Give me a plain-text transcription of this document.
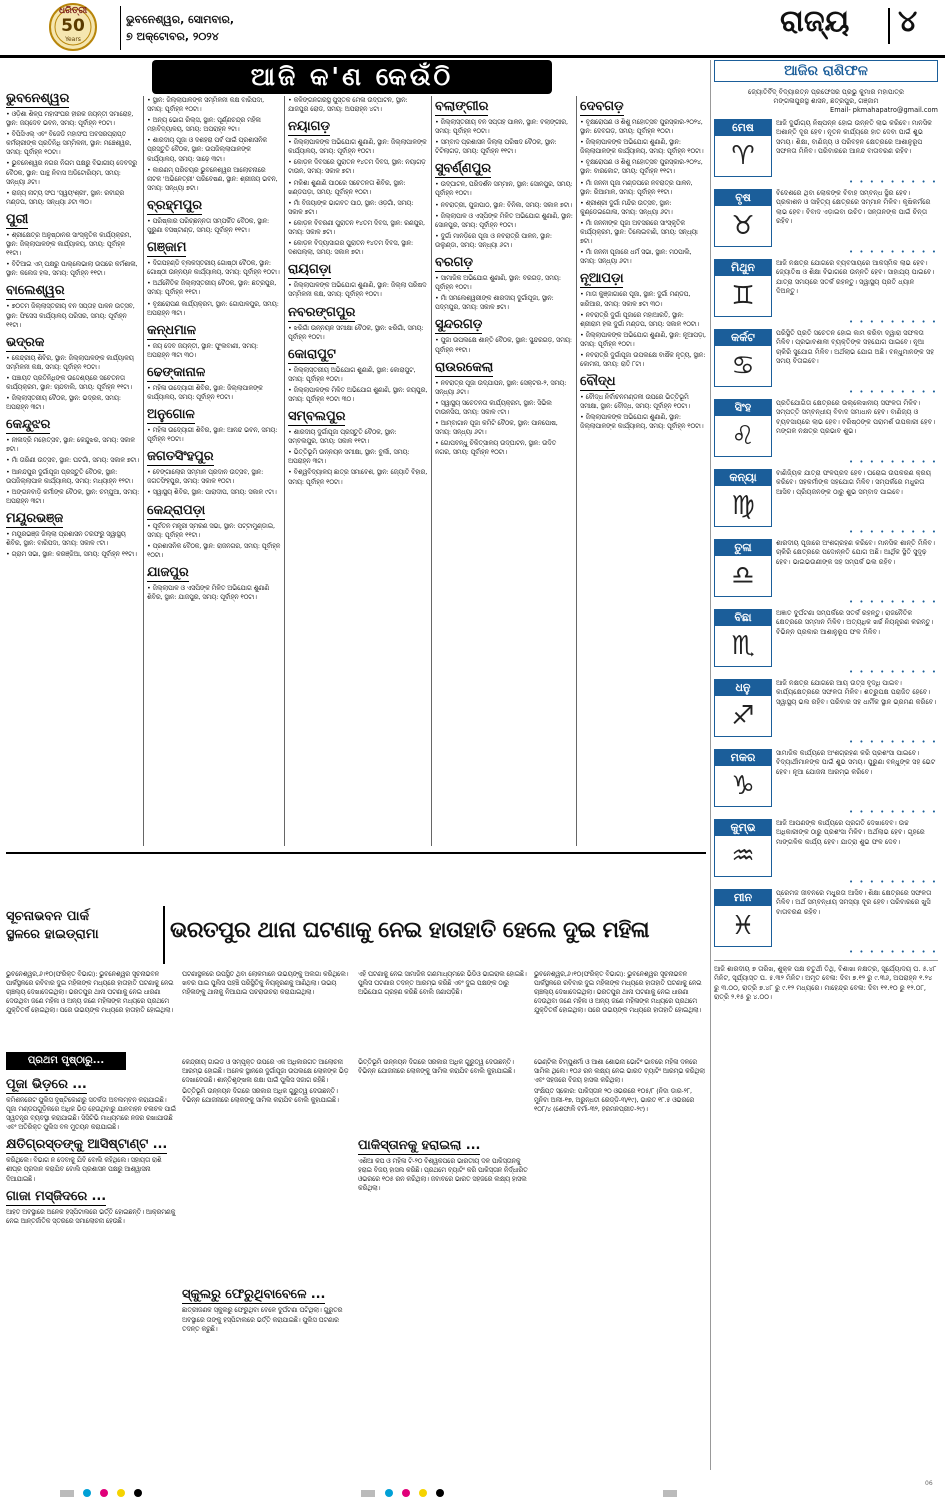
ଧରିତ୍ରୀ
50
Years
ଭୁବନେଶ୍ୱର, ସୋମବାର,
୭ ଅକ୍ଟୋବର, ୨୦୨୪	ରାଜ୍ୟ ୪
ଆଜି କ'ଣ କେଉଁଠି
ଭୁବନେଶ୍ୱର

• ଓଡ଼ିଶା ଶିଳ୍ପ ମହାସଂଘର ହୀରକ ଜୟନ୍ତୀ ସମାରୋହ, ସ୍ଥାନ: ଜୟଦେବ ଭବନ, ସମୟ: ପୂର୍ବାହ୍ନ ୧୦ଟା।

• ବିପିସିଏଲ୍ ଏବଂ ବିଜେଡି ମହାସଂଘ ଅବସରପ୍ରାପ୍ତ କର୍ମଚାରୀଙ୍କ ପ୍ରତିନିଧି ସମ୍ମିଳନୀ, ସ୍ଥାନ: ମଞ୍ଚେଶ୍ୱର, ସମୟ: ପୂର୍ବାହ୍ନ ୧୦ଟା।

• ଭୁବନେଶ୍ୱର ନଗର ନିଗମ ପକ୍ଷରୁ ବିଭାଗୀୟ ଦେବଦ୍ରୁ ବୈଠକ, ସ୍ଥାନ: ପାନ୍ଥ ନିବାସ ଅଡିଟୋରିୟମ, ସମୟ: ସନ୍ଧ୍ୟା ୬ଟା।

• ରାଜ୍ୟ ନାଟ୍ୟ ସଂଘ 'ସ୍ୱୟଂଶ୍ରୀ', ସ୍ଥାନ: ରବୀନ୍ଦ୍ର ମଣ୍ଡପ, ସମୟ: ସନ୍ଧ୍ୟା ୬ଟା ୩୦।

ପୁରୀ

• ଶ୍ରୀକ୍ଷେତ୍ର ଅନୁଷ୍ଠାନର ସାଂସ୍କୃତିକ କାର୍ଯ୍ୟକ୍ରମ, ସ୍ଥାନ: ଜିଲ୍ଲାପାଳଙ୍କ କାର୍ଯ୍ୟାଳୟ, ସମୟ: ପୂର୍ବାହ୍ନ ୧୧ଟା।

• ବିଟିଆଇ ଏମ୍ ପକ୍ଷରୁ ପାଲ୍ଲେଭାଲା ଉପରେ କର୍ମଶାଳା, ସ୍ଥାନ: କଲେଜ ହଲ, ସମୟ: ପୂର୍ବାହ୍ନ ୧୧ଟା।

ବାଲେଶ୍ୱର

• ୭୦ତମ ଜିଲ୍ଲାସ୍ତରୀୟ ବନ ସପ୍ତାହ ପାଳନ ଉତ୍ସବ, ସ୍ଥାନ: ଫିସେସ କାର୍ଯ୍ୟାଳୟ ପରିସର, ସମୟ: ପୂର୍ବାହ୍ନ ୧୧ଟା।

ଭଦ୍ରକ

• କେନ୍ଦ୍ରୀୟ ଶିବିର, ସ୍ଥାନ: ଜିଲ୍ଲାପାଳଙ୍କ କାର୍ଯ୍ୟାଳୟ ସମ୍ମିଳନୀ କକ୍ଷ, ସମୟ: ପୂର୍ବାହ୍ନ ୧୦ଟା।

• ପଞ୍ଚାୟତ ପ୍ରତିନିଧିଙ୍କ ଉଦ୍ଦେଶ୍ୟରେ ସଚେତନତା କାର୍ଯ୍ୟକ୍ରମ, ସ୍ଥାନ: ଚାନ୍ଦବାଲି, ସମୟ: ପୂର୍ବାହ୍ନ ୧୧ଟା।

• ଜିଲ୍ଲାସ୍ତରୀୟ ବୈଠକ, ସ୍ଥାନ: ଭଦ୍ରକ, ସମୟ: ଅପରାହ୍ନ ୩ଟା।

କେନ୍ଦୁଝର

• ନୀଳାଦ୍ରି ମହୋତ୍ସବ, ସ୍ଥାନ: କେନ୍ଦୁଝର, ସମୟ: ସକାଳ ୭ଟା।

• ମାଁ ତାରିଣୀ ଉତ୍ସବ, ସ୍ଥାନ: ଘଟଗାଁ, ସମୟ: ସକାଳ ୭ଟା।

• ଆନନ୍ଦପୁର ଦୁର୍ଗାପୂଜା ପ୍ରସ୍ତୁତି ବୈଠକ, ସ୍ଥାନ: ଉପଜିଲ୍ଲାପାଳ କାର୍ଯ୍ୟାଳୟ, ସମୟ: ମଧ୍ୟାହ୍ନ ୧୨ଟା।

• ଅଙ୍ଗନବାଡ଼ି କର୍ମୀଙ୍କ ବୈଠକ, ସ୍ଥାନ: ଚମ୍ପୁଆ, ସମୟ: ଅପରାହ୍ନ ୩ଟା।

ମୟୂରଭଞ୍ଜ

• ମୟୂରଭଞ୍ଜ ଜିଲ୍ଲା ପ୍ରଶାସନ ତରଫରୁ ସ୍ୱାସ୍ଥ୍ୟ ଶିବିର, ସ୍ଥାନ: ବାରିପଦା, ସମୟ: ସକାଳ ୯ଟା।

• ଗ୍ରାମ ସଭା, ସ୍ଥାନ: କରଞ୍ଜିଆ, ସମୟ: ପୂର୍ବାହ୍ନ ୧୧ଟା।

• ସ୍ଥାନ: ଜିଲ୍ଲାପାଳଙ୍କ ସମ୍ମିଳନୀ କକ୍ଷ ବାରିପଦା, ସମୟ: ପୂର୍ବାହ୍ନ ୧୦ଟା।

• ଅନ୍ୟ ଭୋଗ ରିଲ୍ସ, ସ୍ଥାନ: ପୂର୍ଣ୍ଣଚନ୍ଦ୍ର ମହିଳା ମହାବିଦ୍ୟାଳୟ, ସମୟ: ଅପରାହ୍ନ ୨ଟା।

• ଶାରଦୀୟ ପୂଜା ଓ ଦଶହରା ପର୍ବ ପାଇଁ ପ୍ରଶାସନିକ ପ୍ରସ୍ତୁତି ବୈଠକ, ସ୍ଥାନ: ଉପଜିଲ୍ଲାପାଳଙ୍କ କାର୍ଯ୍ୟାଳୟ, ସମୟ: ସାଢ଼େ ୩ଟା।

• କାରଣମ୍ ପରିଚୟର ଭୁବନେଶ୍ୱର ଆଲୋଚନାରେ ନାଟକ 'ଅଭିନେତ୍ରୀ' ପରିବେଷଣ, ସ୍ଥାନ: ଶ୍ରୀଜୟ ଭବନ, ସମୟ: ସନ୍ଧ୍ୟା ୭ଟା।

ବ୍ରହ୍ମପୁର

• ପରିଷ୍କାର ପରିଚ୍ଛନ୍ନତା ସମ୍ପର୍କିତ ବୈଠକ, ସ୍ଥାନ: ପୁରୁଣା ବସଷ୍ଟାଣ୍ଡ, ସମୟ: ପୂର୍ବାହ୍ନ ୧୧ଟା।

ଗଞ୍ଜାମ

• ଦିଗପହଣ୍ଡି ବ୍ଲକସ୍ତରୀୟ ଗୋଷ୍ଠୀ ବୈଠକ, ସ୍ଥାନ: ଗୋଷ୍ଠୀ ଉନ୍ନୟନ କାର୍ଯ୍ୟାଳୟ, ସମୟ: ପୂର୍ବାହ୍ନ ୧୦ଟା।

• ଅର୍ଥନୈତିକ ଜିଲ୍ଲାସ୍ତରୀୟ ବୈଠକ, ସ୍ଥାନ: ଛତ୍ରପୁର, ସମୟ: ପୂର୍ବାହ୍ନ ୧୧ଟା।

• ବୃକ୍ଷରୋପଣ କାର୍ଯ୍ୟକ୍ରମ, ସ୍ଥାନ: ଗୋପାଳପୁର, ସମୟ: ଅପରାହ୍ନ ୩ଟା।

କନ୍ଧମାଳ

• ଜୟ ଦେବ ଜୟନ୍ତୀ, ସ୍ଥାନ: ଫୁଲବାଣୀ, ସମୟ: ଅପରାହ୍ନ ୩ଟା ୩୦।

ଢେଙ୍କାନାଳ

• ମହିଳା ଉଦ୍ୟୋଗୀ ଶିବିର, ସ୍ଥାନ: ଜିଲ୍ଲାପାଳଙ୍କ କାର୍ଯ୍ୟାଳୟ, ସମୟ: ପୂର୍ବାହ୍ନ ୧୦ଟା।

ଅନୁଗୋଳ

• ମହିଳା ଉଦ୍ୟୋଗୀ ଶିବିର, ସ୍ଥାନ: ଆନନ୍ଦ ଭବନ, ସମୟ: ପୂର୍ବାହ୍ନ ୧୦ଟା।

ଜଗତସିଂହପୁର

• ବେଙ୍ଗାଲୋର ସମ୍ମାନ ପ୍ରଦାନ ଉତ୍ସବ, ସ୍ଥାନ: ଜଗତସିଂହପୁର, ସମୟ: ସକାଳ ୧୦ଟା।

• ସ୍ୱାସ୍ଥ୍ୟ ଶିବିର, ସ୍ଥାନ: ପାରାଦୀପ, ସମୟ: ସକାଳ ୯ଟା।

କେନ୍ଦ୍ରାପଡ଼ା

• ପୂର୍ବତନ ମନ୍ତ୍ରୀ ସ୍ମରଣ ସଭା, ସ୍ଥାନ: ପଟ୍ଟାମୁଣ୍ଡାଇ, ସମୟ: ପୂର୍ବାହ୍ନ ୧୧ଟା।

• ପ୍ରଶାସନିକ ବୈଠକ, ସ୍ଥାନ: ରାଜନଗର, ସମୟ: ପୂର୍ବାହ୍ନ ୧୦ଟା।

ଯାଜପୁର

• ଜିଲ୍ଲାପାଳ ଓ ଏସପିଙ୍କ ମିଳିତ ଅଭିଯୋଗ ଶୁଣାଣି ଶିବିର, ସ୍ଥାନ: ଯାଜପୁର, ସମୟ: ପୂର୍ବାହ୍ନ ୧୦ଟା।

• କଳିଙ୍ଗନଗରସ୍ଥ ପୁସ୍ତକ ମେଳା ଉଦ୍‌ଘାଟନ, ସ୍ଥାନ: ଯାଜପୁର ରୋଡ, ସମୟ: ଅପରାହ୍ନ ୪ଟା।

ନୟାଗଡ଼

• ଜିଲ୍ଲାପାଳଙ୍କ ଅଭିଯୋଗ ଶୁଣାଣି, ସ୍ଥାନ: ଜିଲ୍ଲାପାଳଙ୍କ କାର୍ଯ୍ୟାଳୟ, ସମୟ: ପୂର୍ବାହ୍ନ ୧୦ଟା।

• କୋଡ଼ଳ ଦିବସରେ ପୁରାତନ ୧୪ତମ ଦିବସ, ସ୍ଥାନ: ନୟାଗଡ଼ ଟାଉନ, ସମୟ: ସକାଳ ୭ଟା।

• ମକିଶା ଶୁଣାଣି ପାଠରେ ସଚେତନତା ଶିବିର, ସ୍ଥାନ: ଖଣ୍ଡପଡ଼ା, ସମୟ: ପୂର୍ବାହ୍ନ ୧୦ଟା।

• ମାଁ ବିଜୟାଙ୍କ ଭାଗବତ ପାଠ, ସ୍ଥାନ: ଓଡ଼ଗାଁ, ସମୟ: ସକାଳ ୭ଟା।

• କୋଡ଼ଳ ବିବରଣୀ ପୁରାତନ ୧୪ତମ ଦିବସ, ସ୍ଥାନ: ରଣପୁର, ସମୟ: ସକାଳ ୭ଟା।

• କୋଡ଼ଳ ବିଦ୍ୟାସାଗର ପୁରାତନ ୧୪ତମ ଦିବସ, ସ୍ଥାନ: ଦଶପଲ୍ଲା, ସମୟ: ସକାଳ ୭ଟା।

ରାୟଗଡ଼ା

• ଜିଲ୍ଲାପାଳଙ୍କ ଅଭିଯୋଗ ଶୁଣାଣି, ସ୍ଥାନ: ଜିଲ୍ଲା ପରିଷଦ ସମ୍ମିଳନୀ କକ୍ଷ, ସମୟ: ପୂର୍ବାହ୍ନ ୧୦ଟା।

ନବରଙ୍ଗପୁର

• ଝରିଗାଁ ଉନ୍ନୟନ ସମୀକ୍ଷା ବୈଠକ, ସ୍ଥାନ: ଝରିଗାଁ, ସମୟ: ପୂର୍ବାହ୍ନ ୧୦ଟା।

କୋରାପୁଟ

• ଜିଲ୍ଲାସ୍ତରୀୟ ଅଭିଯୋଗ ଶୁଣାଣି, ସ୍ଥାନ: କୋରାପୁଟ, ସମୟ: ପୂର୍ବାହ୍ନ ୧୦ଟା।

• ଜିଲ୍ଲାପାଳଙ୍କ ମିଳିତ ଅଭିଯୋଗ ଶୁଣାଣି, ସ୍ଥାନ: ଜୟପୁର, ସମୟ: ପୂର୍ବାହ୍ନ ୧୦ଟା ୩୦।

ସମ୍ବଲପୁର

• ଶାରଦୀୟ ଦୁର୍ଗାପୂଜା ପ୍ରସ୍ତୁତି ବୈଠକ, ସ୍ଥାନ: ସମ୍ବଲପୁର, ସମୟ: ସକାଳ ୧୧ଟା।

• ଭିତ୍ତିଭୂମି ଉନ୍ନୟନ ସମୀକ୍ଷା, ସ୍ଥାନ: ବୁର୍ଲା, ସମୟ: ଅପରାହ୍ନ ୩ଟା।

• ବିଶ୍ୱବିଦ୍ୟାଳୟ ଛାତ୍ର ସମାବେଶ, ସ୍ଥାନ: ଜ୍ୟୋତି ବିହାର, ସମୟ: ପୂର୍ବାହ୍ନ ୧୦ଟା।

ବଲାଙ୍ଗୀର

• ଜିଲ୍ଲାସ୍ତରୀୟ ବନ ସପ୍ତାହ ପାଳନ, ସ୍ଥାନ: ବଲାଙ୍ଗୀର, ସମୟ: ପୂର୍ବାହ୍ନ ୧୦ଟା।

• ସମ୍ବାଦ ପ୍ରଶାସନ ଜିଲ୍ଲା ପରିଷଦ ବୈଠକ, ସ୍ଥାନ: ଟିଟିଲାଗଡ଼, ସମୟ: ପୂର୍ବାହ୍ନ ୧୧ଟା।

ସୁବର୍ଣ୍ଣପୁର

• ଉଦ୍‌ଘାଟନ, ପରିଦର୍ଶନ ସମ୍ମାନ, ସ୍ଥାନ: ସୋନପୁର, ସମୟ: ପୂର୍ବାହ୍ନ ୧୦ଟା।

• ନବରାତ୍ରୀ, ପୁଜାପାଠ, ସ୍ଥାନ: ବିନିକା, ସମୟ: ସକାଳ ୭ଟା।

• ଜିଲ୍ଲାପାଳ ଓ ଏସ୍‌ପିଙ୍କ ମିଳିତ ଅଭିଯୋଗ ଶୁଣାଣି, ସ୍ଥାନ: ସୋନପୁର, ସମୟ: ପୂର୍ବାହ୍ନ ୧୦ଟା।

• ଦୁର୍ଗା ମାନଡ଼ିରେ ପୂଜା ଓ ନବରାତ୍ରି ପାଳନ, ସ୍ଥାନ: ଉଲୁଣ୍ଡା, ସମୟ: ସନ୍ଧ୍ୟା ୬ଟା।

ବରଗଡ଼

• ସାମାଜିକ ଅଭିଯୋଗ ଶୁଣାଣି, ସ୍ଥାନ: ବରଗଡ଼, ସମୟ: ପୂର୍ବାହ୍ନ ୧୦ଟା।

• ମାଁ ସମଲେଶ୍ୱରୀଙ୍କ ଶାରଦୀୟ ଦୁର୍ଗାପୂଜା, ସ୍ଥାନ: ପଦ୍ମପୁର, ସମୟ: ସକାଳ ୭ଟା।

ସୁନ୍ଦରଗଡ଼

• ପୁଜା ଉପଲକ୍ଷେ ଶାନ୍ତି ବୈଠକ, ସ୍ଥାନ: ସୁନ୍ଦରଗଡ଼, ସମୟ: ପୂର୍ବାହ୍ନ ୧୧ଟା।

ରାଉରକେଲା

• ନବରାତ୍ର ପୂଜା ଉଦ୍‌ଯାପନ, ସ୍ଥାନ: ସେକ୍ଟର-୨, ସମୟ: ସନ୍ଧ୍ୟା ୬ଟା।

• ସ୍ୱାସ୍ଥ୍ୟ ସଚେତନତା କାର୍ଯ୍ୟକ୍ରମ, ସ୍ଥାନ: ସିଭିଲ ଟାଉନସିପ, ସମୟ: ସକାଳ ୯ଟା।

• ଆମ୍ବାଗାନ ପୂଜା କମିଟି ବୈଠକ, ସ୍ଥାନ: ପାନପୋଷ, ସମୟ: ସନ୍ଧ୍ୟା ୬ଟା।

• ଗୋପବନ୍ଧୁ ଚିକିତ୍ସାଳୟ ଉଦ୍‌ଘାଟନ, ସ୍ଥାନ: ଉଦିତ ନଗର, ସମୟ: ପୂର୍ବାହ୍ନ ୧୦ଟା।

ଦେବଗଡ଼

• ବୃକ୍ଷରୋପଣ ଓ ଶିଶୁ ମହୋତ୍ସବ ପୁରସ୍କାର-୨୦୨୪, ସ୍ଥାନ: ଦେବଗଡ଼, ସମୟ: ପୂର୍ବାହ୍ନ ୧୦ଟା।

• ଜିଲ୍ଲାପାଳଙ୍କ ଅଭିଯୋଗ ଶୁଣାଣି, ସ୍ଥାନ: ଜିଲ୍ଲାପାଳଙ୍କ କାର୍ଯ୍ୟାଳୟ, ସମୟ: ପୂର୍ବାହ୍ନ ୧୦ଟା।

• ବୃକ୍ଷରୋପଣ ଓ ଶିଶୁ ମହୋତ୍ସବ ପୁରସ୍କାର-୨୦୨୪, ସ୍ଥାନ: ବାରକୋଟ, ସମୟ: ପୂର୍ବାହ୍ନ ୧୧ଟା।

• ମାଁ ଜନନୀ ପୂଜା ମଣ୍ଡପରେ ନବରାତ୍ର ପାଳନ, ସ୍ଥାନ: ରିଆମାଳ, ସମୟ: ପୂର୍ବାହ୍ନ ୧୧ଟା।

• ଶ୍ରୀଶ୍ରୀ ଦୁର୍ଗା ମନ୍ଦିର ଉତ୍ସବ, ସ୍ଥାନ: କୁଣ୍ଡେଇଗୋଳା, ସମୟ: ସନ୍ଧ୍ୟା ୬ଟା।

• ମାଁ ଜନନୀଙ୍କ ପୂଜା ଅବସରରେ ସାଂସ୍କୃତିକ କାର୍ଯ୍ୟକ୍ରମ, ସ୍ଥାନ: ତିଲେଇବାଣି, ସମୟ: ସନ୍ଧ୍ୟା ୭ଟା।

• ମାଁ ଜନନୀ ପୂଜାରେ ଧର୍ମ ସଭା, ସ୍ଥାନ: ମଠପାଲି, ସମୟ: ସନ୍ଧ୍ୟା ୬ଟା।

ନୂଆପଡ଼ା

• ମାତା କୁଞ୍ଜାଗାରେ ପୂଜା, ସ୍ଥାନ: ଦୁର୍ଗା ମଣ୍ଡପ, ଖରିଆର, ସମୟ: ସକାଳ ୭ଟା ୩୦।

• ନବରାତ୍ରି ଦୁର୍ଗା ପୂଜାରେ ମହାଆରତି, ସ୍ଥାନ: ଶ୍ରୀରାମ ହଲ ଦୁର୍ଗା ମଣ୍ଡପ, ସମୟ: ସକାଳ ୧୦ଟା।

• ଜିଲ୍ଲାପାଳଙ୍କ ଅଭିଯୋଗ ଶୁଣାଣି, ସ୍ଥାନ: ନୂଆପଡ଼ା, ସମୟ: ପୂର୍ବାହ୍ନ ୧୦ଟା।

• ନବରାତ୍ରି ଦୁର୍ଗାପୂଜା ଉପଲକ୍ଷେ ବାର୍ଷିକ ନୃତ୍ୟ, ସ୍ଥାନ: କୋମନା, ସମୟ: ରାତି ୮ଟା।

ବୌଦ୍ଧ

• ବୌଦ୍ଧ ନିର୍ବାଚନମଣ୍ଡଳୀ ଉପରେ ଭିତ୍ତିଭୂମି ସମୀକ୍ଷା, ସ୍ଥାନ: ବୌଦ୍ଧ, ସମୟ: ପୂର୍ବାହ୍ନ ୧୦ଟା।

• ଜିଲ୍ଲାପାଳଙ୍କ ଅଭିଯୋଗ ଶୁଣାଣି, ସ୍ଥାନ: ଜିଲ୍ଲାପାଳଙ୍କ କାର୍ଯ୍ୟାଳୟ, ସମୟ: ପୂର୍ବାହ୍ନ ୧୦ଟା।

ଆଜିର ରାଶିଫଳ
ଜ୍ୟୋତିର୍ବିଦ୍ ବିଦ୍ୟାରତ୍ନ ପ୍ରଫେସର ପ୍ରଭୁ କୁମାର ମହାପାତ୍ର
ମଙ୍ଗଳାପୁରସ୍ଥ ଶାସନ, ଛତ୍ରପୁର, ଗଞ୍ଜାମ
Email- pkmahapatro@gmail.com
ମେଷ
♈
ଆଜି ଦୁର୍ଭାଗ୍ୟ ନିଷ୍ପନ୍ନ ହୋଇ ଉନ୍ନତି ଲାଭ କରିବେ। ମାନସିକ ଅଶାନ୍ତି ଦୂର ହେବ। ନୂତନ କାର୍ଯ୍ୟରେ ହାତ ଦେବା ପାଇଁ ଶୁଭ ସମୟ। ଶିକ୍ଷା, ବାଣିଜ୍ୟ ଓ ପରିବହନ କ୍ଷେତ୍ରରେ ଆଶାନୁରୂପ ସଫଳତା ମିଳିବ। ପରିବାରରେ ଆନନ୍ଦ ବାତାବରଣ ରହିବ।
• • • • • • • • •
ବୃଷ
♉
ବିଦେଶରେ ଥିବା ଲୋକଙ୍କ ବିବାହ ସମ୍ବନ୍ଧ ସ୍ଥିର ହେବ। ପ୍ରକାଶନ ଓ ସାହିତ୍ୟ କ୍ଷେତ୍ରରେ ସମ୍ମାନ ମିଳିବ। କୃଷିକର୍ମରେ ଲାଭ ହେବ। ବିବାଦ ଏଡ଼ାଇବା ଉଚିତ। ସନ୍ତାନଙ୍କ ପାଇଁ ଚିନ୍ତା ରହିବ।
• • • • • • • • •
ମିଥୁନ
♊
ଆଜି ନକ୍ଷତ୍ର ଯୋଗରେ ବ୍ୟବସାୟରେ ଆକସ୍ମିକ ଲାଭ ହେବ। ଜ୍ୟୋତିଷ ଓ ଶିକ୍ଷା ବିଭାଗରେ ଉନ୍ନତି ହେବ। ସାହାଯ୍ୟ ପାଇବେ। ଯାତ୍ରା ସମୟରେ ସତର୍କ ରହନ୍ତୁ। ସ୍ୱାସ୍ଥ୍ୟ ପ୍ରତି ଧ୍ୟାନ ଦିଅନ୍ତୁ।
• • • • • • • • •
କର୍କଟ
♋
ପରିସ୍ଥିତି ପ୍ରତି ସଚେତନ ହୋଇ କାମ କରିବା ଦ୍ୱାରା ସଫଳତା ମିଳିବ। ପ୍ରଭାବଶାଳୀ ବ୍ୟକ୍ତିଙ୍କ ସହଯୋଗ ପାଇବେ। ନୂଆ ଚାକିରି ସୁଯୋଗ ମିଳିବ। ଅର୍ଥଲାଭ ଯୋଗ ଅଛି। ବନ୍ଧୁମାନଙ୍କ ସହ ସମୟ ବିତାଇବେ।
• • • • • • • • •
ସିଂହ
♌
ପ୍ରତିଯୋଗିତା କ୍ଷେତ୍ରରେ ଉଲ୍ଲେଖନୀୟ ସଫଳତା ମିଳିବ। ସମ୍ପତ୍ତି ସମ୍ବନ୍ଧୀୟ ବିବାଦ ସମାଧାନ ହେବ। ବାଣିଜ୍ୟ ଓ ବ୍ୟବସାୟରେ ଲାଭ ହେବ। ବରିଷ୍ଠଙ୍କ ପରାମର୍ଶ ଉପକାରୀ ହେବ। ମଙ୍ଗଳ ନକ୍ଷତ୍ର ପ୍ରଭାବ ଶୁଭ।
• • • • • • • • •
କନ୍ୟା
♍
ବାଣିଜ୍ୟିକ ଯାତ୍ରା ଫଳପ୍ରଦ ହେବ। ଘରୋଇ ଉପକରଣ କ୍ରୟ କରିବେ। ସହକର୍ମୀଙ୍କ ସହଯୋଗ ମିଳିବ। ସମ୍ପର୍କରେ ମଧୁରତା ଆସିବ। ପ୍ରିୟଜନଙ୍କ ଠାରୁ ଶୁଭ ସମ୍ବାଦ ପାଇବେ।
• • • • • • • • •
ତୁଳା
♎
ଶାରଦୀୟ ପୂଜାରେ ଅଂଶଗ୍ରହଣ କରିବେ। ମାନସିକ ଶାନ୍ତି ମିଳିବ। ଚାକିରି କ୍ଷେତ୍ରରେ ପଦୋନ୍ନତି ଯୋଗ ଅଛି। ଆର୍ଥିକ ସ୍ଥିତି ସୁଦୃଢ଼ ହେବ। ଭାଇଭଉଣୀଙ୍କ ସହ ସମ୍ପର୍କ ଭଲ ରହିବ।
• • • • • • • • •
ବିଛା
♏
ଅଜ୍ଞାତ ଦୁର୍ଘଟଣା ସମ୍ପର୍କରେ ସତର୍କ ରହନ୍ତୁ। ରାଜନୈତିକ କ୍ଷେତ୍ରରେ ସମ୍ମାନ ମିଳିବ। ଅତ୍ୟଧିକ ଖର୍ଚ୍ଚ ନିୟନ୍ତ୍ରଣ କରନ୍ତୁ। ବିଭିନ୍ନ ପ୍ରକାର ଆଶାନୁରୂପ ଫଳ ମିଳିବ।
• • • • • • • • •
ଧନୁ
♐
ଆଜି ନକ୍ଷତ୍ର ଯୋଗରେ ଆୟ ଉତ୍ସ ବୃଦ୍ଧି ପାଇବ। କାର୍ଯ୍ୟକ୍ଷେତ୍ରରେ ସଫଳତା ମିଳିବ। ଶତ୍ରୁପକ୍ଷ ପରାଜିତ ହେବେ। ସ୍ୱାସ୍ଥ୍ୟ ଭଲ ରହିବ। ପରିବାର ସହ ଧାର୍ମିକ ସ୍ଥାନ ଭ୍ରମଣ କରିବେ।
• • • • • • • • •
ମକର
♑
ସାମାଜିକ କାର୍ଯ୍ୟରେ ଅଂଶଗ୍ରହଣ କରି ପ୍ରଶଂସା ପାଇବେ। ବିଦ୍ୟାର୍ଥୀମାନଙ୍କ ପାଇଁ ଶୁଭ ସମୟ। ପୁରୁଣା ବନ୍ଧୁଙ୍କ ସହ ଭେଟ ହେବ। ନୂଆ ଯୋଜନା ଆରମ୍ଭ କରିବେ।
• • • • • • • • •
କୁମ୍ଭ
♒
ଆଜି ଆପଣଙ୍କ କାର୍ଯ୍ୟରେ ପ୍ରଗତି ଦେଖାଦେବ। ଉଚ୍ଚ ଅଧିକାରୀଙ୍କ ଠାରୁ ପ୍ରଶଂସା ମିଳିବ। ଅର୍ଥଲାଭ ହେବ। ଗୃହରେ ମାଙ୍ଗଳିକ କାର୍ଯ୍ୟ ହେବ। ଯାତ୍ରା ଶୁଭ ଫଳ ଦେବ।
• • • • • • • • •
ମୀନ
♓
ପ୍ରେମଜ ଜୀବନରେ ମଧୁରତା ଆସିବ। ଶିକ୍ଷା କ୍ଷେତ୍ରରେ ସଫଳତା ମିଳିବ। ଅର୍ଥ ସମ୍ବନ୍ଧୀୟ ସମସ୍ୟା ଦୂର ହେବ। ପରିବାରରେ ଖୁସି ବାତାବରଣ ରହିବ।
• • • • • • • • •
ଆଜି ଶାରଦୀୟ ୭ ତାରିଖ, ଶୁକ୍ଳ ପକ୍ଷ ଚତୁର୍ଥୀ ତିଥି, ବିଶାଖା ନକ୍ଷତ୍ର, ସୂର୍ଯ୍ୟୋଦୟ ଘ. ୫.୪୮ ମିନିଟ, ସୂର୍ଯ୍ୟାସ୍ତ ଘ. ୫.୩୨ ମିନିଟ। ଅମୃତ ବେଳା: ଦିବା ୭.୧୨ ରୁ ୯.୩୬, ଅପରାହ୍ନ ୧.୨୪ ରୁ ୩.୦୦, ରାତ୍ରି ୭.୪୮ ରୁ ୯.୧୨ ମଧ୍ୟରେ। ମାହେନ୍ଦ୍ର ବେଳା: ଦିବା ୧୧.୧୦ ରୁ ୧୨.୦୮, ରାତ୍ରି ୨.୧୫ ରୁ ୪.୦୦।
ସୂଚନାଭବନ ପାର୍କ
ସ୍ଥଳରେ ହାଇଡ୍ରାମା	ଭରତପୁର ଥାନା ଘଟଣାକୁ ନେଇ ହାତାହାତି ହେଲେ ଦୁଇ ମହିଳା

ଭୁବନେଶ୍ୱର,୬।୧୦(ଫରିକ୍ତ ବିଭାଗ): ଭୁବନେଶ୍ୱର ସୂଚନାଭବନ ପାର୍କସ୍ଥଳରେ ରବିବାର ଦୁଇ ମହିଳାଙ୍କ ମଧ୍ୟରେ ହାତାହାତି ଘଟଣାକୁ ନେଇ ଚାଞ୍ଚଲ୍ୟ ଦେଖାଦେଇଥିଲା। ଭରତପୁର ଥାନା ଘଟଣାକୁ ନେଇ ଧାରଣା ଦେଉଥିବା ଜଣେ ମହିଳା ଓ ଅନ୍ୟ ଜଣେ ମହିଳାଙ୍କ ମଧ୍ୟରେ ପ୍ରଥମେ ଯୁକ୍ତିତର୍କ ହୋଇଥିଲା। ପରେ ଉଭୟଙ୍କ ମଧ୍ୟରେ ହାତାହାତି ହୋଇଥିଲା।

ଘଟଣାସ୍ଥଳରେ ଉପସ୍ଥିତ ଥିବା ଲୋକମାନେ ଉଭୟଙ୍କୁ ଅଲଗା କରିଥିଲେ। ଖବର ପାଇ ପୁଲିସ ପହଞ୍ଚି ପରିସ୍ଥିତିକୁ ନିୟନ୍ତ୍ରଣକୁ ଆଣିଥିଲା। ଉଭୟ ମହିଳାଙ୍କୁ ଥାନାକୁ ନିଆଯାଇ ପଚରାଉଚରା କରାଯାଇଥିଲା।

ଏହି ଘଟଣାକୁ ନେଇ ସାମାଜିକ ଗଣମାଧ୍ୟମରେ ଭିଡିଓ ଭାଇରାଲ ହୋଇଛି। ପୁଲିସ ଘଟଣାର ତଦନ୍ତ ଆରମ୍ଭ କରିଛି ଏବଂ ଦୁଇ ପକ୍ଷଙ୍କ ଠାରୁ ଅଭିଯୋଗ ଗ୍ରହଣ କରିଛି ବୋଲି ଜଣାପଡ଼ିଛି।

ଭୁବନେଶ୍ୱର,୬।୧୦(ଫରିକ୍ତ ବିଭାଗ): ଭୁବନେଶ୍ୱର ସୂଚନାଭବନ ପାର୍କସ୍ଥଳରେ ରବିବାର ଦୁଇ ମହିଳାଙ୍କ ମଧ୍ୟରେ ହାତାହାତି ଘଟଣାକୁ ନେଇ ଚାଞ୍ଚଲ୍ୟ ଦେଖାଦେଇଥିଲା। ଭରତପୁର ଥାନା ଘଟଣାକୁ ନେଇ ଧାରଣା ଦେଉଥିବା ଜଣେ ମହିଳା ଓ ଅନ୍ୟ ଜଣେ ମହିଳାଙ୍କ ମଧ୍ୟରେ ପ୍ରଥମେ ଯୁକ୍ତିତର୍କ ହୋଇଥିଲା। ପରେ ଉଭୟଙ୍କ ମଧ୍ୟରେ ହାତାହାତି ହୋଇଥିଲା।

ପ୍ରଥମ ପୃଷ୍ଠାରୁ...
ପୂଜା ଭିଡ଼ରେ ...

କମିଶନରେଟ ପୁଲିସ ଦୃଷ୍ଟିକୋଣରୁ ସତର୍କତା ଅବଲମ୍ବନ କରାଯାଇଛି। ପୂଜା ମଣ୍ଡପଗୁଡ଼ିକରେ ଅଧିକ ଭିଡ଼ ହେଉଥିବାରୁ ଯାନବାହନ ଚଳାଚଳ ପାଇଁ ସ୍ୱତନ୍ତ୍ର ବ୍ୟବସ୍ଥା କରାଯାଇଛି। ସିସିଟିଭି ମାଧ୍ୟମରେ ନଜର ରଖାଯାଉଛି ଏବଂ ଅତିରିକ୍ତ ପୁଲିସ ବଳ ମୁତୟନ କରାଯାଇଛି।

କ୍ଷତିଗ୍ରସ୍ତଙ୍କୁ ଆସିଷ୍ଟାଣ୍ଟ ...

କରିଥିଲେ। ବିଭାଗ ନ ଦେବାକୁ ଯିବି ବୋଲି କହିଥିଲେ। ସହାୟତା ରାଶି ଶୀଘ୍ର ପ୍ରଦାନ କରାଯିବ ବୋଲି ପ୍ରଶାସନ ପକ୍ଷରୁ ଆଶ୍ୱାସନା ଦିଆଯାଇଛି।

ଗାଜା ମସ୍‌ଜିଦରେ ...

ଆହତ ଅବସ୍ଥାରେ ଅନେକ ହସ୍ପିଟାଲରେ ଭର୍ତ୍ତି ହୋଇଛନ୍ତି। ଆକ୍ରମଣକୁ ନେଇ ଆନ୍ତର୍ଜାତିକ ସ୍ତରରେ ସମାଲୋଚନା ହେଉଛି।

କେନ୍ଦ୍ରୀୟ ଗାଇଡ ଓ ସମ୍ପୃକ୍ତ ଉପରେ ଏକ ଅଧିକାରଗତ ଆଲୋଚନା ଆରମ୍ଭ ହୋଇଛି। ଅନେକ ସ୍ଥାନରେ ଦୁର୍ଗାପୂଜା ଉପଲକ୍ଷେ ଲୋକଙ୍କ ଭିଡ଼ ଦେଖାଦେଉଛି। ଶାନ୍ତିଶୃଙ୍ଖଳା ରକ୍ଷା ପାଇଁ ପୁଲିସ ସଜାଗ ରହିଛି।

ଭିତ୍ତିଭୂମି ଉନ୍ନୟନ ଦିଗରେ ସରକାର ଅଧିକ ଗୁରୁତ୍ୱ ଦେଉଛନ୍ତି। ବିଭିନ୍ନ ଯୋଜନାରେ ଲୋକଙ୍କୁ ସାମିଲ କରାଯିବ ବୋଲି କୁହାଯାଇଛି।

ସ୍କୁଲରୁ ଫେରୁଥିବାବେଳେ ...

ଛାତ୍ରୀଜଣକ ସ୍କୁଲରୁ ଫେରୁଥିବା ବେଳେ ଦୁର୍ଘଟଣା ଘଟିଥିଲା। ଗୁରୁତର ଅବସ୍ଥାରେ ତାଙ୍କୁ ହସ୍ପିଟାଲରେ ଭର୍ତ୍ତି କରାଯାଇଛି। ପୁଲିସ ଘଟଣାର ତଦନ୍ତ କରୁଛି।

ଭିତ୍ତିଭୂମି ଉନ୍ନୟନ ଦିଗରେ ସରକାର ଅଧିକ ଗୁରୁତ୍ୱ ଦେଉଛନ୍ତି। ବିଭିନ୍ନ ଯୋଜନାରେ ଲୋକଙ୍କୁ ସାମିଲ କରାଯିବ ବୋଲି କୁହାଯାଇଛି।

ପାକିସ୍ତାନକୁ ହରାଇଲା ...

ଏଶିଆ କପ ଓ ମହିଳା ଟି-୨୦ ବିଶ୍ୱକପରେ ଭାରତୀୟ ଦଳ ପାକିସ୍ତାନକୁ ହରାଇ ବିଜୟ ହାସଲ କରିଛି। ପ୍ରଥମେ ବ୍ୟାଟିଂ କରି ପାକିସ୍ତାନ ନିର୍ଦ୍ଧାରିତ ଓଭରରେ ୧୦୫ ରନ କରିଥିଲା। ଜବାବରେ ଭାରତ ସହଜରେ ଲକ୍ଷ୍ୟ ହାସଲ କରିଥିଲା।

ଭେଣ୍ଟିଲ ଚିମ୍ପୁଶର୍ମା ଓ ଆଶା ଶୋଭନା ଭୋଟିଂ ଭାବରେ ମହିଳା ଦଳରେ ସାମିଲ ଥିଲେ। ୧୦୬ ରନ ଲକ୍ଷ୍ୟ ନେଇ ଭାରତ ବ୍ୟାଟିଂ ଆରମ୍ଭ କରିଥିଲା ଏବଂ ସହଜରେ ବିଜୟ ହାସଲ କରିଥିଲା।

ସଂକ୍ଷିପ୍ତ ସ୍କୋର: ପାକିସ୍ତାନ ୨୦ ଓଭରରେ ୧୦୫/୮ (ନିଦା ଡାର-୨୮, ମୁନିବା ଅଲୀ-୧୭, ଅରୁନ୍ଧତୀ ରେଡ୍ଡି-୩/୧୯), ଭାରତ ୧୮.୫ ଓଭରରେ ୧୦୮/୪ (ଶେଫାଳି ବର୍ମା-୩୨, ହରମନପ୍ରୀତ-୨୯)।

06
